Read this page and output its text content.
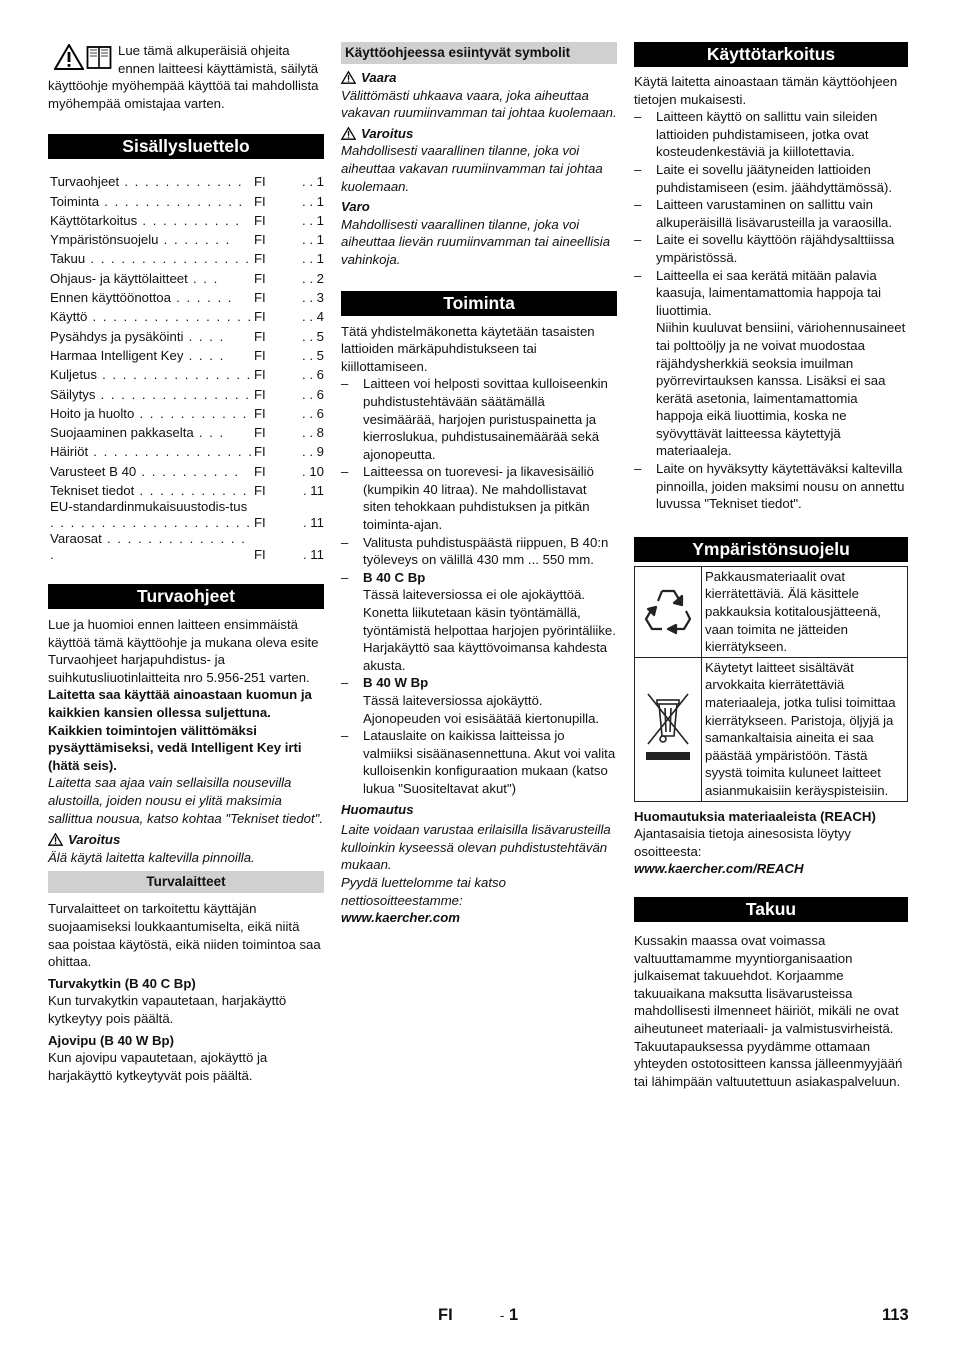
Lue tämä alkuperäisiä ohjeita ennen laitteesi käyttämistä, säilytä käyttöohje myöhempää käyttöä tai mahdollista myöhempää omistajaa varten.

Sisällysluettelo
Turvaohjeet . . . . . . . . . . . .	FI	. . 1
Toiminta . . . . . . . . . . . . . .	FI	. . 1
Käyttötarkoitus . . . . . . . . . .	FI	. . 1
Ympäristönsuojelu . . . . . . .	FI	. . 1
Takuu . . . . . . . . . . . . . . . .	FI	. . 1
Ohjaus- ja käyttölaitteet . . .	FI	. . 2
Ennen käyttöönottoa . . . . . .	FI	. . 3
Käyttö . . . . . . . . . . . . . . . .	FI	. . 4
Pysähdys ja pysäköinti . . . .	FI	. . 5
Harmaa Intelligent Key . . . .	FI	. . 5
Kuljetus . . . . . . . . . . . . . . .	FI	. . 6
Säilytys . . . . . . . . . . . . . . .	FI	. . 6
Hoito ja huolto . . . . . . . . . . .	FI	. . 6
Suojaaminen pakkaselta . . .	FI	. . 8
Häiriöt . . . . . . . . . . . . . . . .	FI	. . 9
Varusteet B 40 . . . . . . . . . .	FI	. 10
Tekniset tiedot . . . . . . . . . . .	FI	. 11
EU-standardinmukaisuustodis-tus . . . . . . . . . . . . . . . . . . . .	FI	. 11
Varaosat . . . . . . . . . . . . . . .	FI	. 11
Turvaohjeet

Lue ja huomioi ennen laitteen ensimmäistä käyttöä tämä käyttöohje ja mukana oleva esite Turvaohjeet harjapuhdistus- ja suihkutusliuotinlaitteita nro 5.956-251 varten.

Laitetta saa käyttää ainoastaan kuomun ja kaikkien kansien ollessa suljettuna. Kaikkien toimintojen välittömäksi pysäyttämiseksi, vedä Intelligent Key irti (hätä seis).

Laitetta saa ajaa vain sellaisilla nousevilla alustoilla, joiden nousu ei ylitä maksimia sallittua nousua, katso kohtaa "Tekniset tiedot".

Varoitus

Älä käytä laitetta kaltevilla pinnoilla.

Turvalaitteet

Turvalaitteet on tarkoitettu käyttäjän suojaamiseksi loukkaantumiselta, eikä niitä saa poistaa käytöstä, eikä niiden toimintoa saa ohittaa.

Turvakytkin (B 40 C Bp)

Kun turvakytkin vapautetaan, harjakäyttö kytkeytyy pois päältä.

Ajovipu (B 40 W Bp)

Kun ajovipu vapautetaan, ajokäyttö ja harjakäyttö kytkeytyvät pois päältä.

Käyttöohjeessa esiintyvät symbolit

Vaara

Välittömästi uhkaava vaara, joka aiheuttaa vakavan ruumiinvamman tai johtaa kuolemaan.

Varoitus

Mahdollisesti vaarallinen tilanne, joka voi aiheuttaa vakavan ruumiinvamman tai johtaa kuolemaan.

Varo

Mahdollisesti vaarallinen tilanne, joka voi aiheuttaa lievän ruumiinvamman tai aineellisia vahinkoja.

Toiminta

Tätä yhdistelmäkonetta käytetään tasaisten lattioiden märkäpuhdistukseen tai kiillottamiseen.

– Laitteen voi helposti sovittaa kulloiseenkin puhdistustehtävään säätämällä vesimäärää, harjojen puristuspainetta ja kierroslukua, puhdistusainemäärää sekä ajonopeutta.
– Laitteessa on tuorevesi- ja likavesisäiliö (kumpikin 40 litraa). Ne mahdollistavat siten tehokkaan puhdistuksen ja pitkän toiminta-ajan.
– Valitusta puhdistuspäästä riippuen, B 40:n työleveys on välillä 430 mm ... 550 mm.
– B 40 C Bp

Tässä laiteversiossa ei ole ajokäyttöä. Konetta liikutetaan käsin työntämällä, työntämistä helpottaa harjojen pyörintäliike. Harjakäyttö saa käyttövoimansa kahdesta akusta.

– B 40 W Bp

Tässä laiteversiossa ajokäyttö. Ajonopeuden voi esisäätää kiertonupilla.

– Latauslaite on kaikissa laitteissa jo valmiiksi sisäänasennettuna. Akut voi valita kulloisenkin konfiguraation mukaan (katso lukua "Suositeltavat akut")

Huomautus

Laite voidaan varustaa erilaisilla lisävarusteilla kulloinkin kyseessä olevan puhdistustehtävän mukaan.

Pyydä luettelomme tai katso nettiosoitteestamme:

www.kaercher.com

Käyttötarkoitus

Käytä laitetta ainoastaan tämän käyttöohjeen tietojen mukaisesti.

– Laitteen käyttö on sallittu vain sileiden lattioiden puhdistamiseen, jotka ovat kosteudenkestäviä ja kiillotettavia.
– Laite ei sovellu jäätyneiden lattioiden puhdistamiseen (esim. jäähdyttämössä).
– Laitteen varustaminen on sallittu vain alkuperäisillä lisävarusteilla ja varaosilla.
– Laite ei sovellu käyttöön räjähdysalttiissa ympäristössä.
– Laitteella ei saa kerätä mitään palavia kaasuja, laimentamattomia happoja tai liuottimia.

Niihin kuuluvat bensiini, väriohennusaineet tai polttoöljy ja ne voivat muodostaa räjähdysherkkiä seoksia imuilman pyörrevirtauksen kanssa. Lisäksi ei saa kerätä asetonia, laimentamattomia happoja eikä liuottimia, koska ne syövyttävät laitteessa käytettyjä materiaaleja.

– Laite on hyväksytty käytettäväksi kaltevilla pinnoilla, joiden maksimi nousu on annettu luvussa "Tekniset tiedot".
Ympäristönsuojelu
	Pakkausmateriaalit ovat kierrätettäviä. Älä käsittele pakkauksia kotitalousjätteenä, vaan toimita ne jätteiden kierrätykseen.
	Käytetyt laitteet sisältävät arvokkaita kierrätettäviä materiaaleja, jotka tulisi toimittaa kierrätykseen. Paristoja, öljyjä ja samankaltaisia aineita ei saa päästää ympäristöön. Tästä syystä toimita kuluneet laitteet asianmukaisiin keräyspisteisiin.

Huomautuksia materiaaleista (REACH)

Ajantasaisia tietoja ainesosista löytyy osoitteesta:

www.kaercher.com/REACH

Takuu

Kussakin maassa ovat voimassa valtuuttamamme myyntiorganisaation julkaisemat takuuehdot. Korjaamme takuuaikana maksutta lisävarusteissa mahdollisesti ilmenneet häiriöt, mikäli ne ovat aiheutuneet materiaali- ja valmistusvirheistä. Takuutapauksessa pyydämme ottamaan yhteyden ostotositteen kanssa jälleenmyyjääń tai lähimpään valtuutettuun asiakaspalveluun.

FI	- 1	113
